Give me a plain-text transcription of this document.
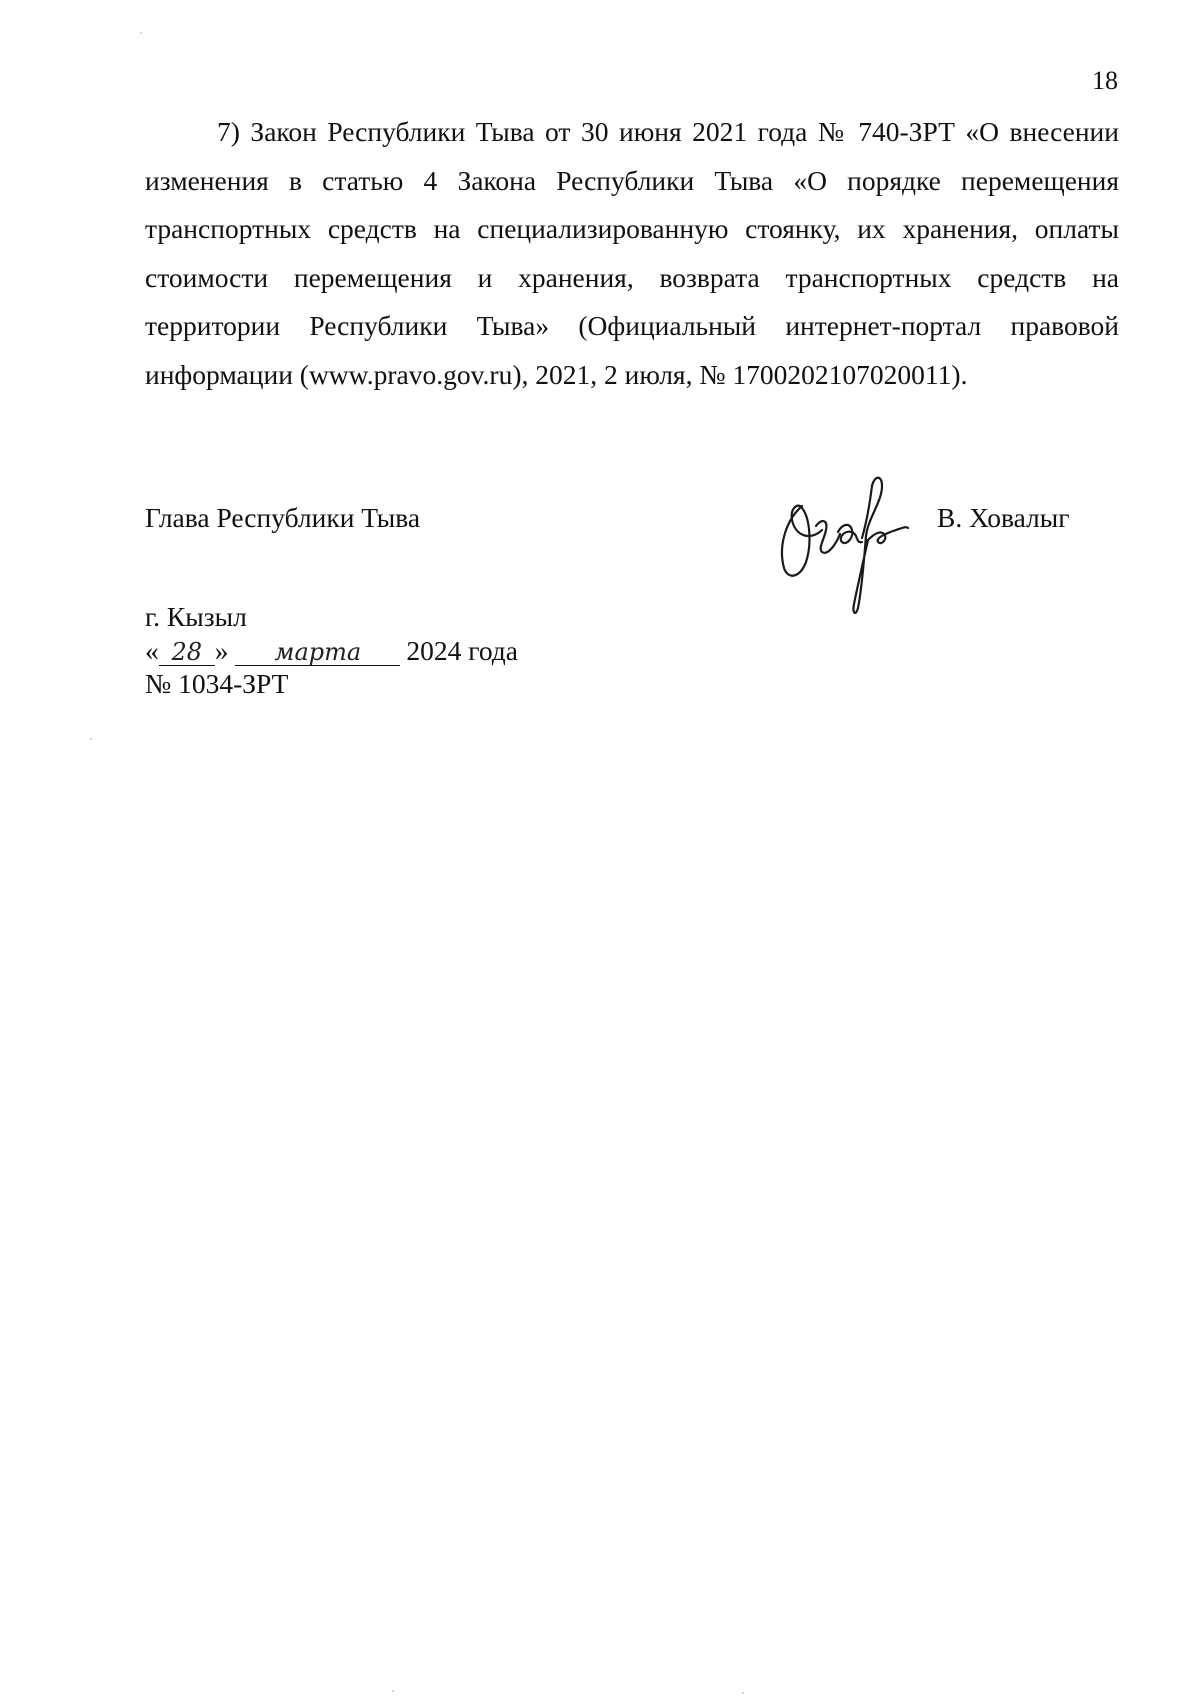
18

7) Закон Республики Тыва от 30 июня 2021 года № 740-ЗРТ «О внесении изменения в статью 4 Закона Республики Тыва «О порядке перемещения транспортных средств на специализированную стоянку, их хранения, оплаты стоимости перемещения и хранения, возврата транспортных средств на территории Республики Тыва» (Официальный интернет-портал правовой информации (www.pravo.gov.ru), 2021, 2 июля, № 1700202107020011).

Глава Республики Тыва	В. Ховалыг
г. Кызыл
« 28 » марта 2024 года
№ 1034-ЗРТ
